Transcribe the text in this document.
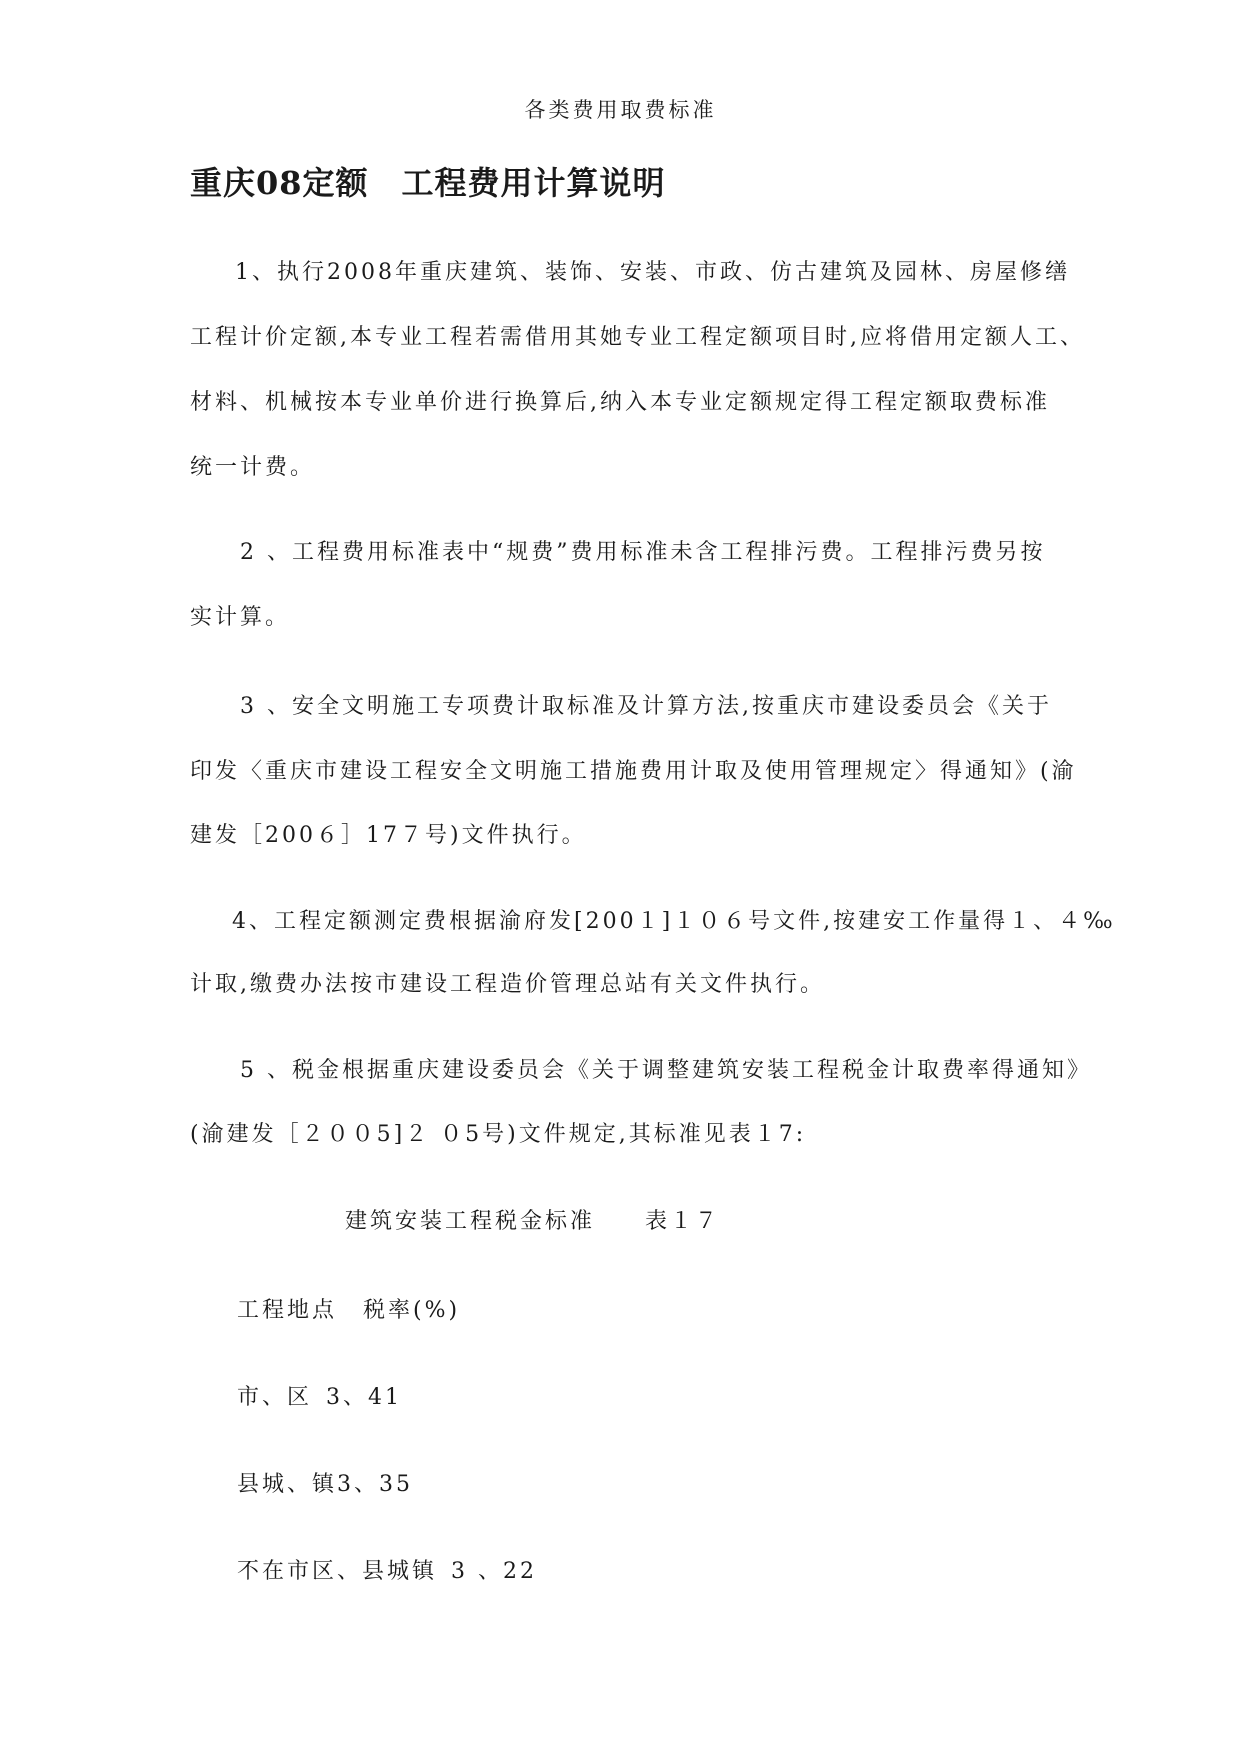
各类费用取费标准
重庆08定额　工程费用计算说明
1、执行2008年重庆建筑、装饰、安装、市政、仿古建筑及园林、房屋修缮
工程计价定额,本专业工程若需借用其她专业工程定额项目时,应将借用定额人工、
材料、机械按本专业单价进行换算后,纳入本专业定额规定得工程定额取费标准
统一计费。
2 、工程费用标准表中“规费”费用标准未含工程排污费。工程排污费另按
实计算。
3 、安全文明施工专项费计取标准及计算方法,按重庆市建设委员会《关于
印发〈重庆市建设工程安全文明施工措施费用计取及使用管理规定〉得通知》(渝
建发［200６］17７号)文件执行。
4、工程定额测定费根据渝府发[200１]１０６号文件,按建安工作量得１、４‰
计取,缴费办法按市建设工程造价管理总站有关文件执行。
5 、税金根据重庆建设委员会《关于调整建筑安装工程税金计取费率得通知》
(渝建发［２００5]２ ０5号)文件规定,其标准见表１7:
建筑安装工程税金标准　　表１７
工程地点 税率(%)
市、区 3、41
县城、镇3、35
不在市区、县城镇 3 、22
